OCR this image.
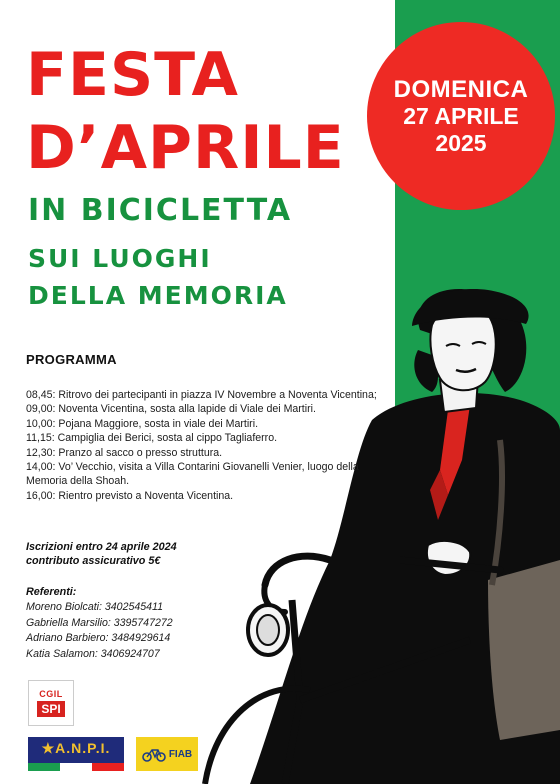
DOMENICA
27 APRILE
2025
FESTA
D’APRILE
IN BICICLETTA
SUI LUOGHI
DELLA MEMORIA
PROGRAMMA
08,45: Ritrovo dei partecipanti in piazza IV Novembre a Noventa Vicentina;
09,00: Noventa Vicentina, sosta alla lapide di Viale dei Martiri.
10,00: Pojana Maggiore, sosta in viale dei Martiri.
11,15: Campiglia dei Berici, sosta al cippo Tagliaferro.
12,30: Pranzo al sacco o presso struttura.
14,00: Vo’ Vecchio, visita a Villa Contarini Giovanelli Venier, luogo della Memoria della Shoah.
16,00: Rientro previsto a Noventa Vicentina.
Iscrizioni entro 24 aprile 2024
contributo assicurativo 5€
Referenti:
Moreno Biolcati: 3402545411
Gabriella Marsilio: 3395747272
Adriano Barbiero: 3484929614
Katia Salamon: 3406924707
CGIL
SPI
★A.N.P.I.	FIAB
